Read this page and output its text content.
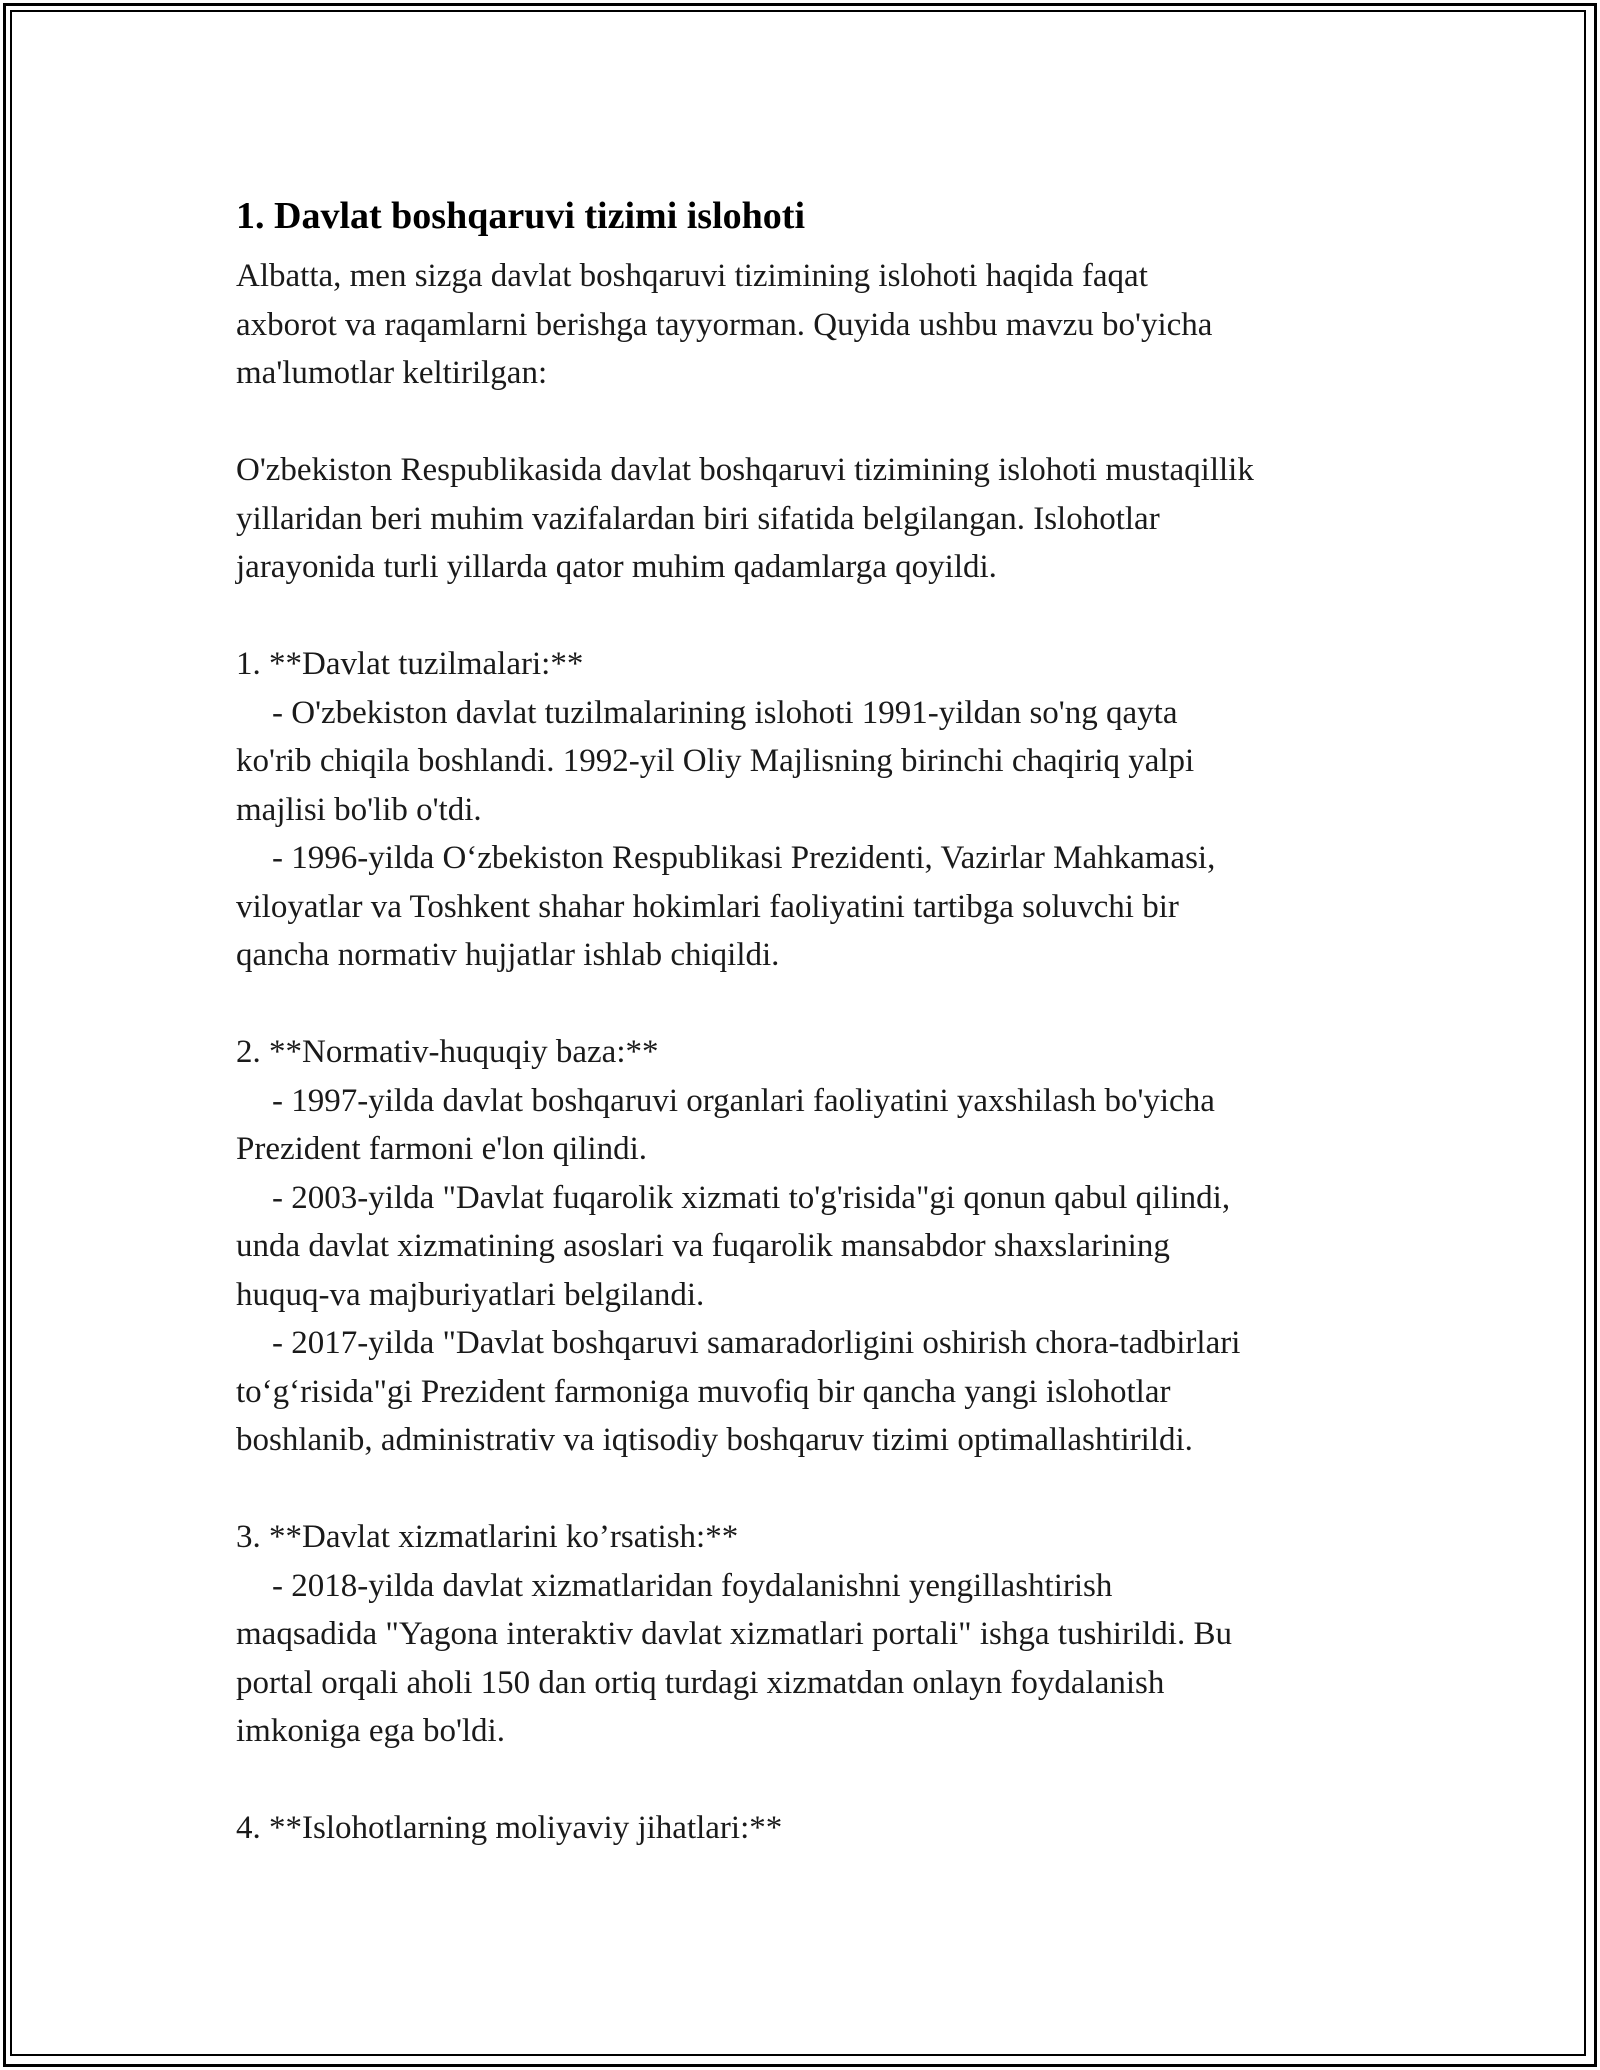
1. Davlat boshqaruvi tizimi islohoti

Albatta, men sizga davlat boshqaruvi tizimining islohoti haqida faqat

axborot va raqamlarni berishga tayyorman. Quyida ushbu mavzu bo'yicha

ma'lumotlar keltirilgan:

O'zbekiston Respublikasida davlat boshqaruvi tizimining islohoti mustaqillik

yillaridan beri muhim vazifalardan biri sifatida belgilangan. Islohotlar

jarayonida turli yillarda qator muhim qadamlarga qoyildi.

1. **Davlat tuzilmalari:**

- O'zbekiston davlat tuzilmalarining islohoti 1991-yildan so'ng qayta

ko'rib chiqila boshlandi. 1992-yil Oliy Majlisning birinchi chaqiriq yalpi

majlisi bo'lib o'tdi.

- 1996-yilda O‘zbekiston Respublikasi Prezidenti, Vazirlar Mahkamasi,

viloyatlar va Toshkent shahar hokimlari faoliyatini tartibga soluvchi bir

qancha normativ hujjatlar ishlab chiqildi.

2. **Normativ-huquqiy baza:**

- 1997-yilda davlat boshqaruvi organlari faoliyatini yaxshilash bo'yicha

Prezident farmoni e'lon qilindi.

- 2003-yilda "Davlat fuqarolik xizmati to'g'risida"gi qonun qabul qilindi,

unda davlat xizmatining asoslari va fuqarolik mansabdor shaxslarining

huquq-va majburiyatlari belgilandi.

- 2017-yilda "Davlat boshqaruvi samaradorligini oshirish chora-tadbirlari

to‘g‘risida"gi Prezident farmoniga muvofiq bir qancha yangi islohotlar

boshlanib, administrativ va iqtisodiy boshqaruv tizimi optimallashtirildi.

3. **Davlat xizmatlarini ko’rsatish:**

- 2018-yilda davlat xizmatlaridan foydalanishni yengillashtirish

maqsadida "Yagona interaktiv davlat xizmatlari portali" ishga tushirildi. Bu

portal orqali aholi 150 dan ortiq turdagi xizmatdan onlayn foydalanish

imkoniga ega bo'ldi.

4. **Islohotlarning moliyaviy jihatlari:**
